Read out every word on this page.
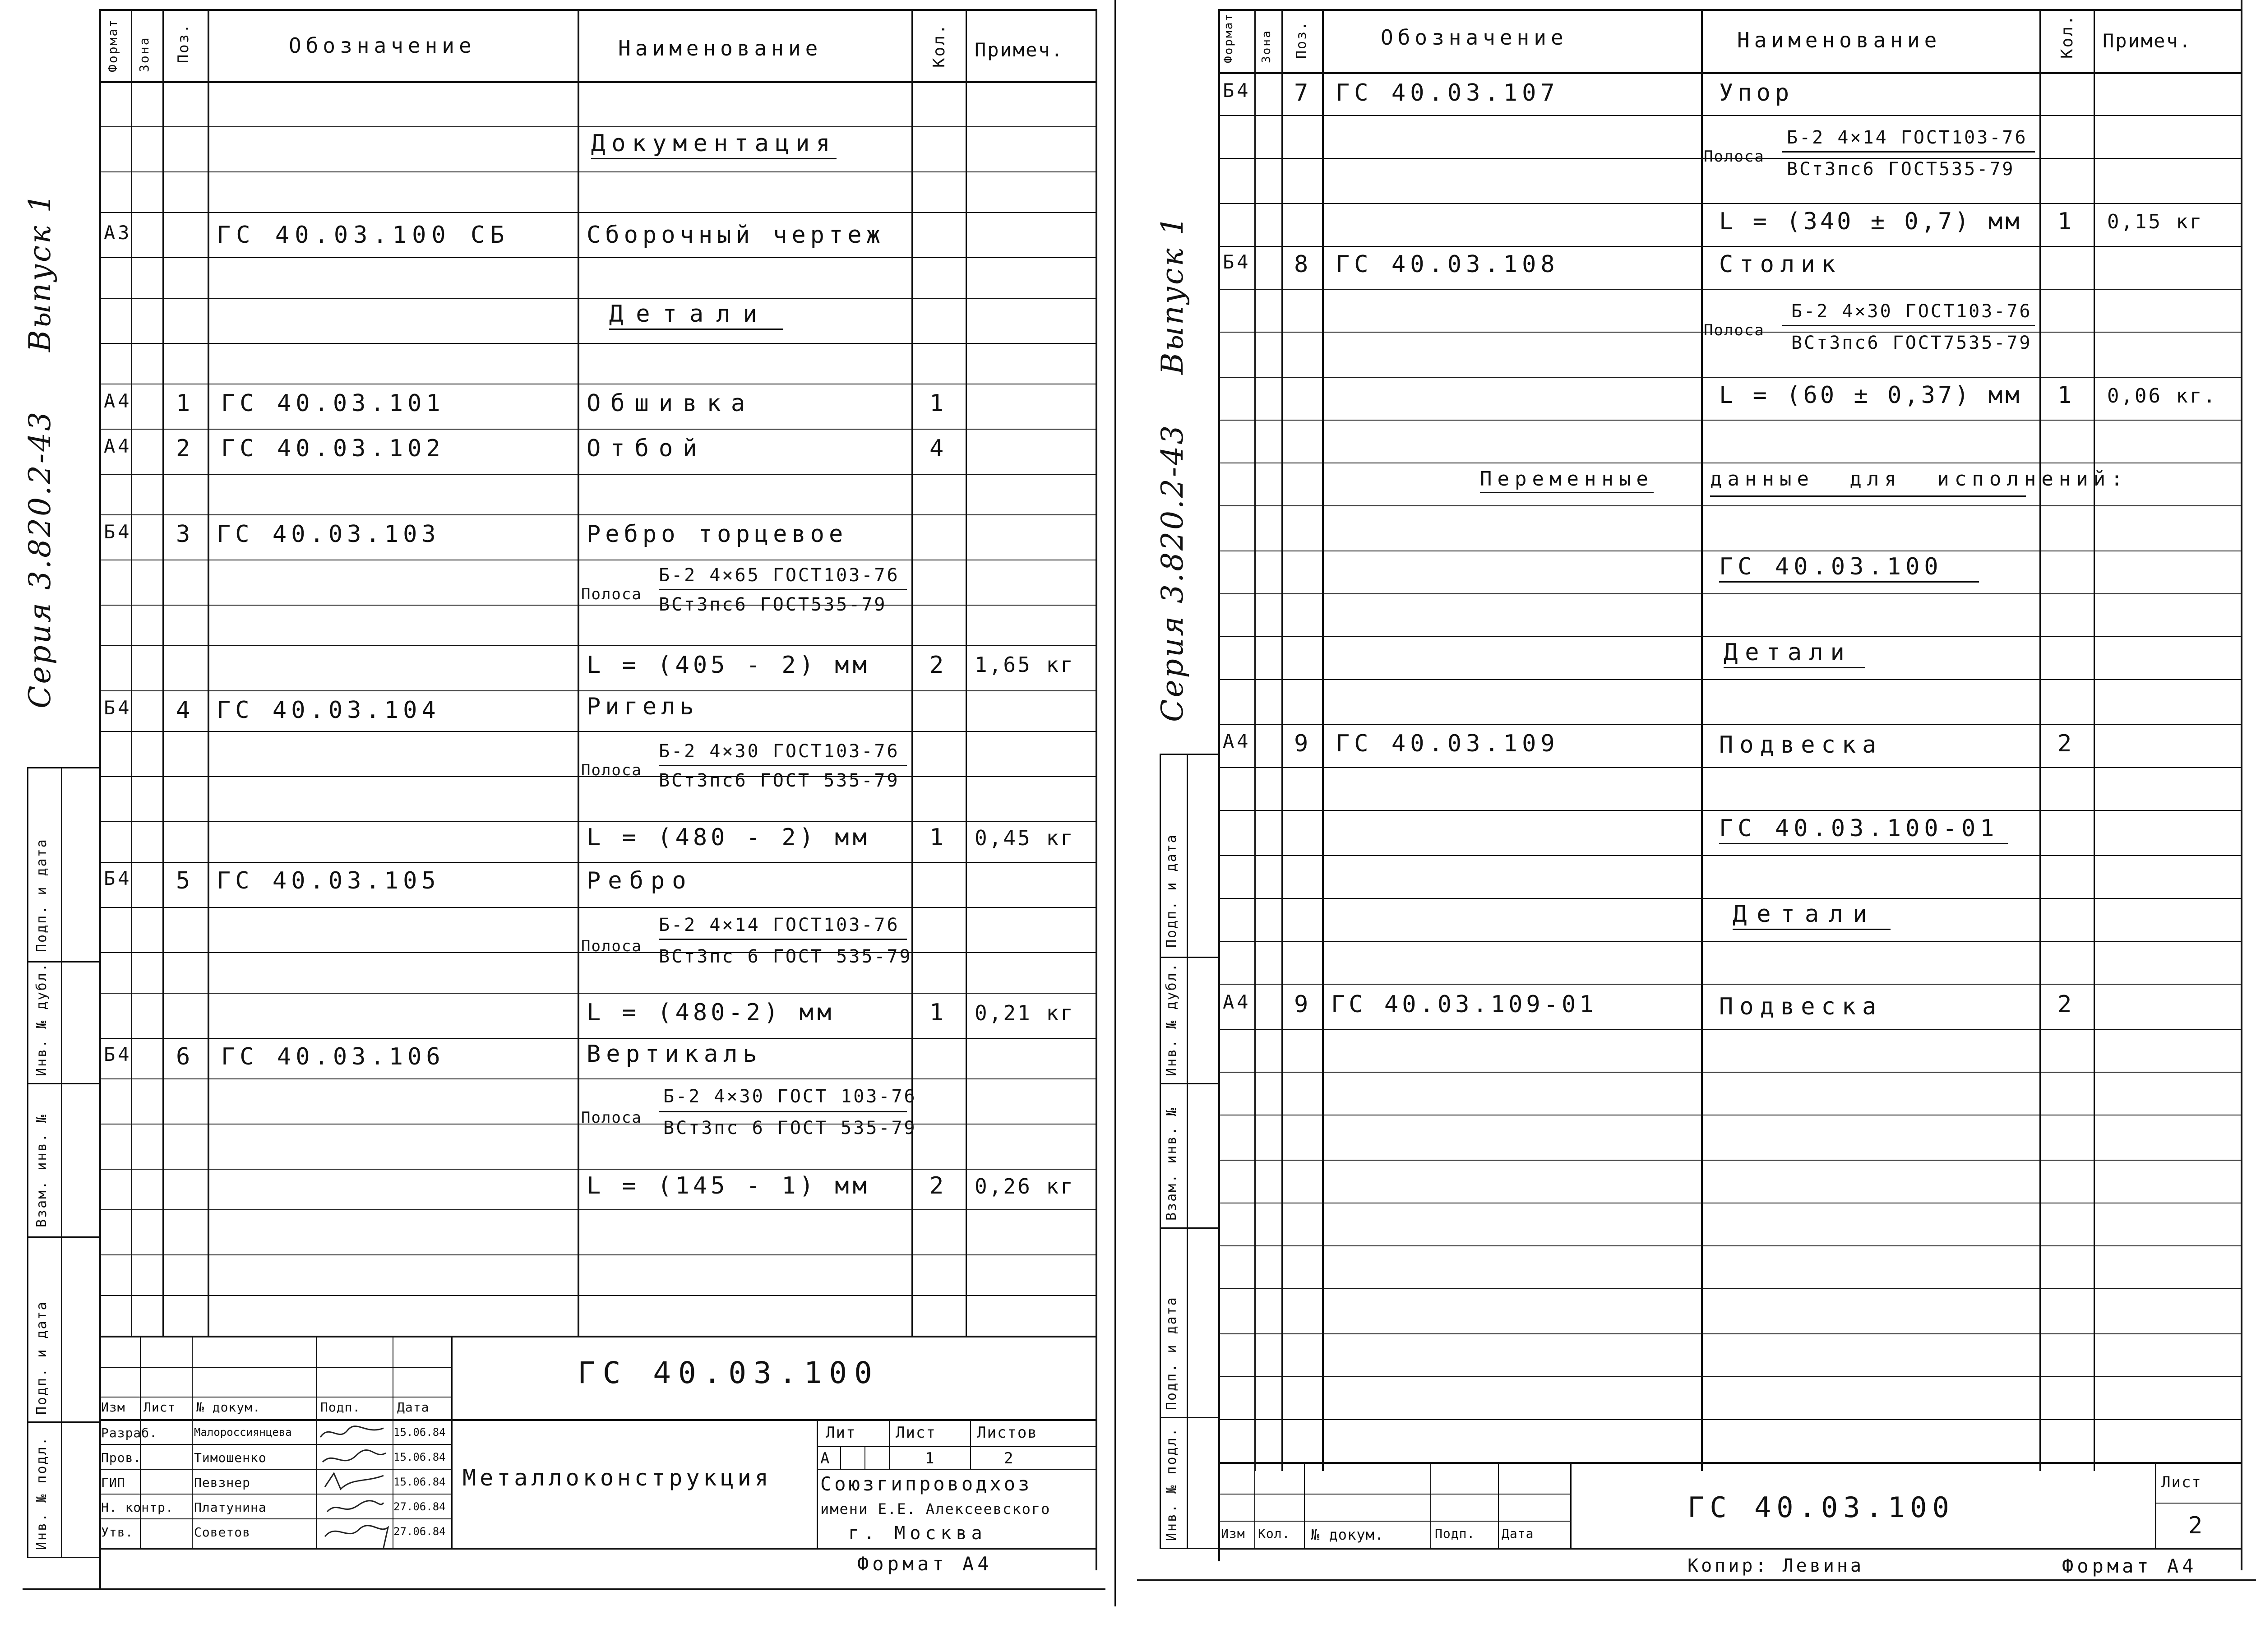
Формат Зона Поз.	Обозначение	Наименование	Кол. Примеч.
Документация
А3	ГС 40.03.100 СБ	Сборочный чертеж
Детали
А4 1 ГС 40.03.101	Обшивка	1
А4 2 ГС 40.03.102	Отбой	4
Б4 3 ГС 40.03.103	Ребро торцевое
Полоса
Б-2 4×65 ГОСТ103-76
ВСт3пс6 ГОСТ535-79
L = (405 - 2) мм	2 1,65 кг
Б4 4 ГС 40.03.104	Ригель
Полоса
Б-2 4×30 ГОСТ103-76
ВСт3пс6 ГОСТ 535-79
L = (480 - 2) мм	1 0,45 кг
Б4 5 ГС 40.03.105	Ребро
Полоса
Б-2 4×14 ГОСТ103-76
ВСт3пс 6 ГОСТ 535-79
L = (480-2) мм	1 0,21 кг
Б4 6 ГС 40.03.106	Вертикаль
Полоса
Б-2 4×30 ГОСТ 103-76
ВСт3пс 6 ГОСТ 535-79
L = (145 - 1) мм	2 0,26 кг
ГС 40.03.100
Металлоконструкция
Изм Лист № докум.	Подп.	Дата
Разраб.	Малороссиянцева	15.06.84
Пров.	Тимошенко	15.06.84
ГИП	Певзнер	15.06.84
Н. контр. Платунина	27.06.84
Утв.	Советов	27.06.84
Лит	Лист	Листов
А	1	2
Союзгипроводхоз
имени Е.Е. Алексеевского
г. Москва
Формат А4
Инв. № подл.
Подп. и дата
Взам. инв. №
Инв. № дубл.
Подп. и дата
Серия 3.820.2-43
Выпуск 1
Формат Зона Поз.	Обозначение	Наименование	Кол. Примеч.
Б4 7 ГС 40.03.107	Упор
Полоса
Б-2 4×14 ГОСТ103-76
ВСт3пс6 ГОСТ535-79
L = (340 ± 0,7) мм 1 0,15 кг
Б4 8 ГС 40.03.108	Столик
Полоса
Б-2 4×30 ГОСТ103-76
ВСт3пс6 ГОСТ7535-79
L = (60 ± 0,37) мм 1 0,06 кг.
Переменные	данные для исполнений:
ГС 40.03.100
Детали
А4 9 ГС 40.03.109	Подвеска	2
ГС 40.03.100-01
Детали
А4 9 ГС 40.03.109-01	Подвеска	2
Изм Кол. № докум.	Подп. Дата
ГС 40.03.100
Лист
2
Копир: Левина	Формат А4
Инв. № подл.
Подп. и дата
Взам. инв. №
Инв. № дубл.
Подп. и дата
Серия 3.820.2-43
Выпуск 1
